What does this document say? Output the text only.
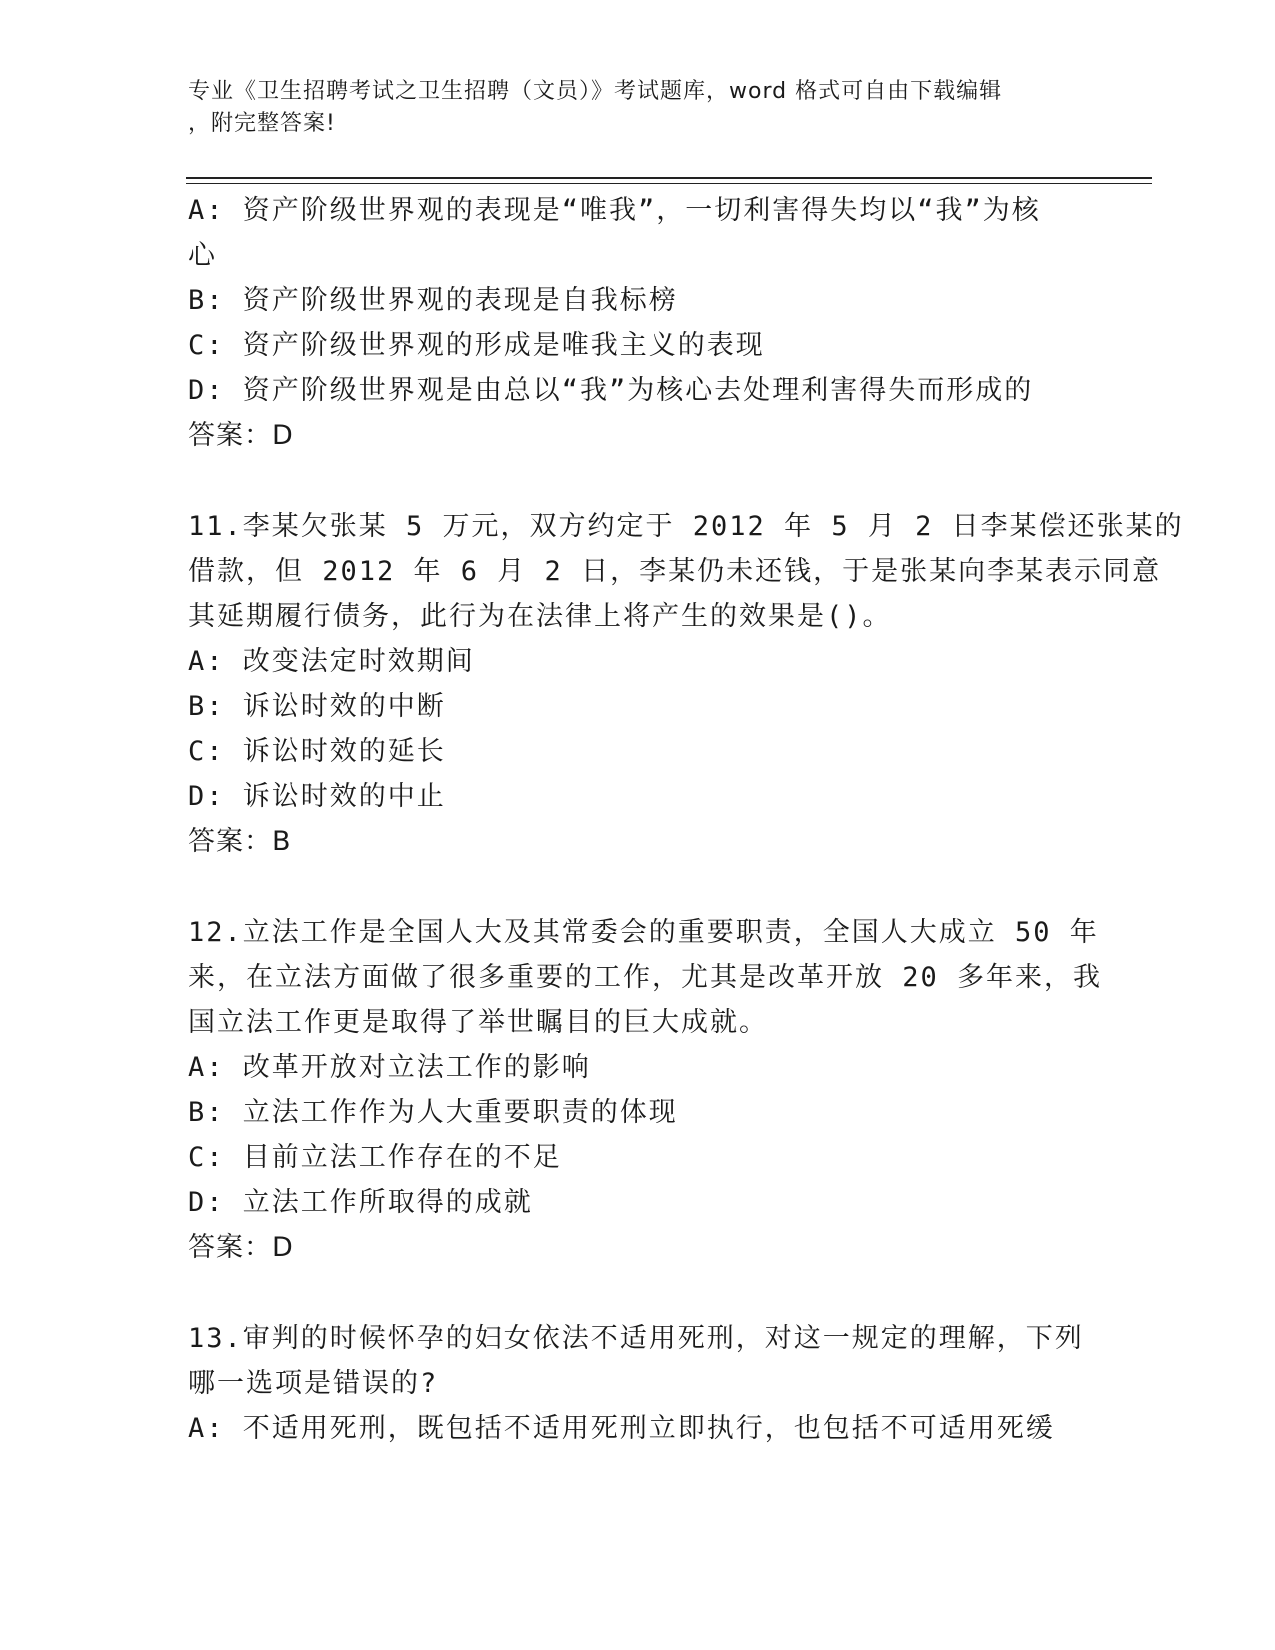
专业《卫生招聘考试之卫生招聘（文员）》考试题库，word 格式可自由下载编辑
，附完整答案!
A: 资产阶级世界观的表现是“唯我”，一切利害得失均以“我”为核
心
B: 资产阶级世界观的表现是自我标榜
C: 资产阶级世界观的形成是唯我主义的表现
D: 资产阶级世界观是由总以“我”为核心去处理利害得失而形成的
答案：D
11.李某欠张某 5 万元，双方约定于 2012 年 5 月 2 日李某偿还张某的
借款，但 2012 年 6 月 2 日，李某仍未还钱，于是张某向李某表示同意
其延期履行债务，此行为在法律上将产生的效果是()。
A: 改变法定时效期间
B: 诉讼时效的中断
C: 诉讼时效的延长
D: 诉讼时效的中止
答案：B
12.立法工作是全国人大及其常委会的重要职责，全国人大成立 50 年
来，在立法方面做了很多重要的工作，尤其是改革开放 20 多年来，我
国立法工作更是取得了举世瞩目的巨大成就。
A: 改革开放对立法工作的影响
B: 立法工作作为人大重要职责的体现
C: 目前立法工作存在的不足
D: 立法工作所取得的成就
答案：D
13.审判的时候怀孕的妇女依法不适用死刑，对这一规定的理解，下列
哪一选项是错误的?
A: 不适用死刑，既包括不适用死刑立即执行，也包括不可适用死缓
